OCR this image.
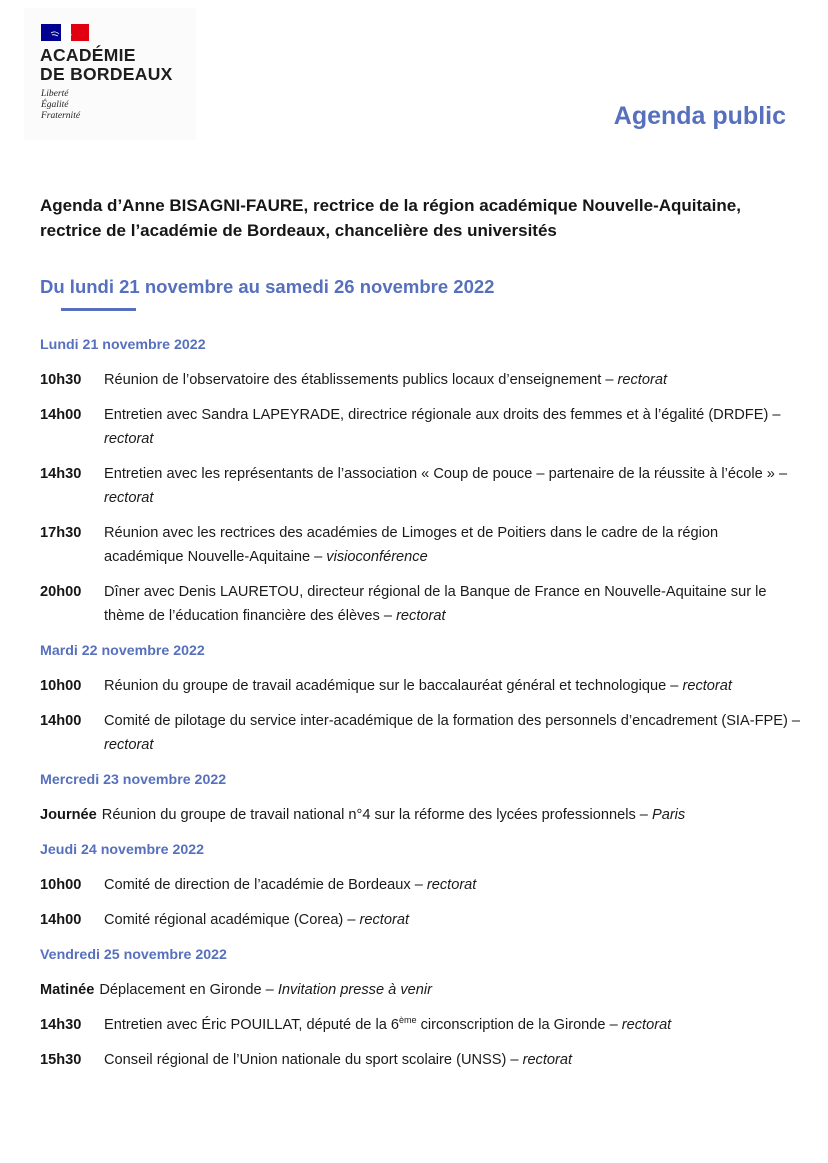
ACADÉMIE
DE BORDEAUX
Liberté
Égalité
Fraternité	Agenda public
Agenda d’Anne BISAGNI-FAURE, rectrice de la région académique Nouvelle-Aquitaine, rectrice de l’académie de Bordeaux, chancelière des universités
Du lundi 21 novembre au samedi 26 novembre 2022
Lundi 21 novembre 2022
10h30	Réunion de l’observatoire des établissements publics locaux d’enseignement – rectorat
14h00	Entretien avec Sandra LAPEYRADE, directrice régionale aux droits des femmes et à l’égalité (DRDFE) – rectorat
14h30	Entretien avec les représentants de l’association « Coup de pouce – partenaire de la réussite à l’école » – rectorat
17h30	Réunion avec les rectrices des académies de Limoges et de Poitiers dans le cadre de la région académique Nouvelle-Aquitaine – visioconférence
20h00	Dîner avec Denis LAURETOU, directeur régional de la Banque de France en Nouvelle-Aquitaine sur le thème de l’éducation financière des élèves – rectorat
Mardi 22 novembre 2022
10h00	Réunion du groupe de travail académique sur le baccalauréat général et technologique – rectorat
14h00	Comité de pilotage du service inter-académique de la formation des personnels d’encadrement (SIA-FPE) – rectorat
Mercredi 23 novembre 2022
Journée Réunion du groupe de travail national n°4 sur la réforme des lycées professionnels – Paris
Jeudi 24 novembre 2022
10h00	Comité de direction de l’académie de Bordeaux – rectorat
14h00	Comité régional académique (Corea) – rectorat
Vendredi 25 novembre 2022
Matinée Déplacement en Gironde – Invitation presse à venir
14h30	Entretien avec Éric POUILLAT, député de la 6ème circonscription de la Gironde – rectorat
15h30	Conseil régional de l’Union nationale du sport scolaire (UNSS) – rectorat
